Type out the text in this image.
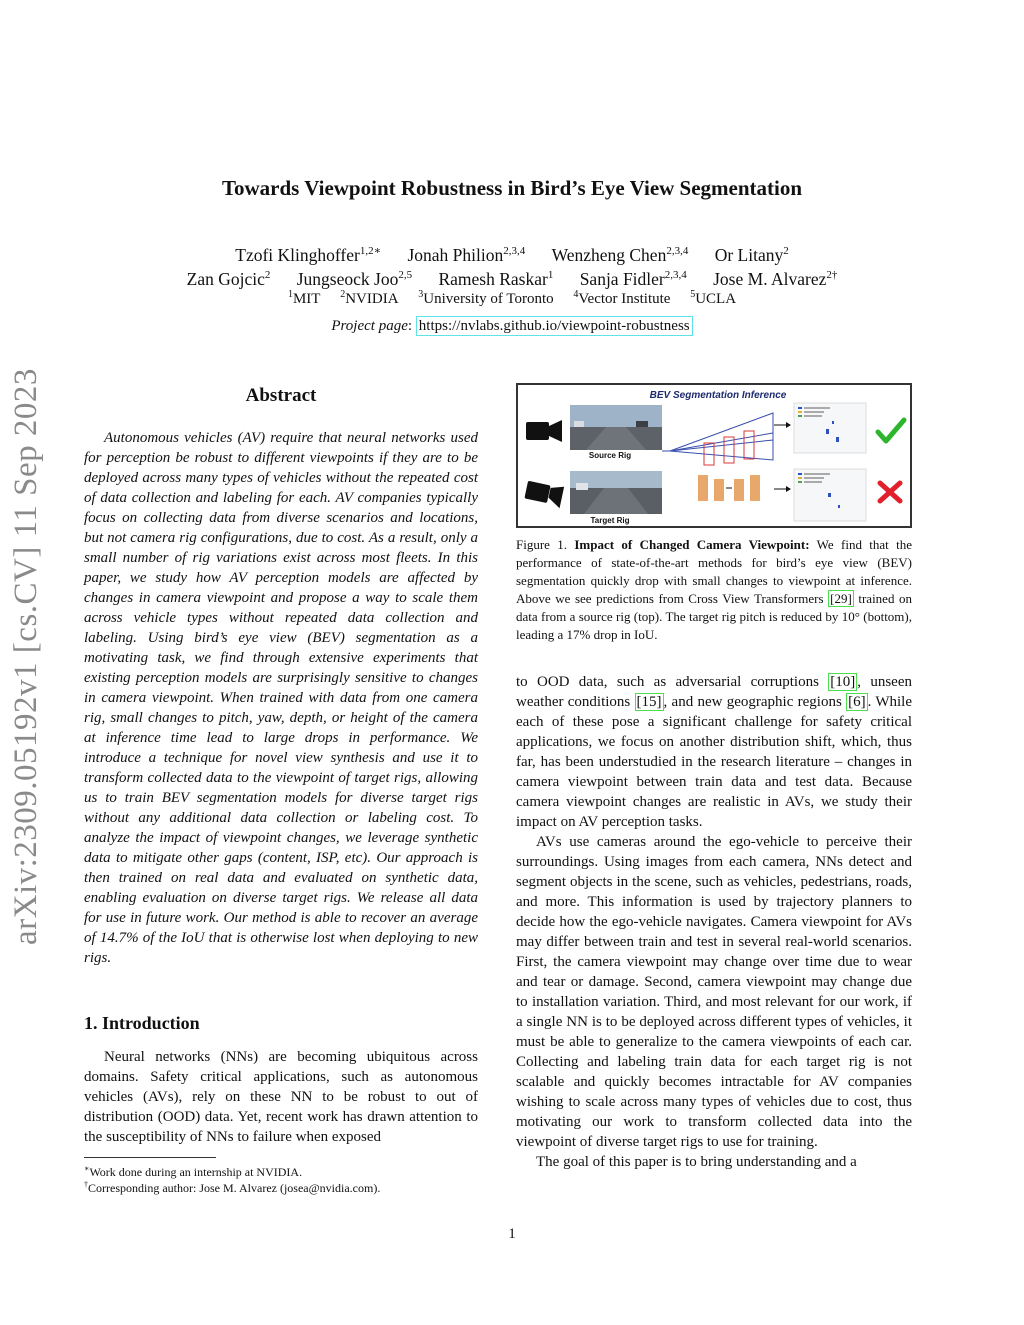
Towards Viewpoint Robustness in Bird’s Eye View Segmentation
Tzofi Klinghoffer$^{1,2∗}$ Jonah Philion$^{2,3,4}$ Wenzheng Chen$^{2,3,4}$ Or Litany$^2$
Zan Gojcic$^2$ Jungseock Joo$^{2,5}$ Ramesh Raskar$^1$ Sanja Fidler$^{2,3,4}$ Jose M. Alvarez$^{2\dagger}$
$^1$MIT $^2$NVIDIA $^3$University of Toronto $^4$Vector Institute $^5$UCLA
Project page: https://nvlabs.github.io/viewpoint-robustness
arXiv:2309.05192v1 [cs.CV] 11 Sep 2023	Abstract
Autonomous vehicles (AV) require that neural networks used for perception be robust to different viewpoints if they are to be deployed across many types of vehicles without the repeated cost of data collection and labeling for each. AV companies typically focus on collecting data from diverse scenarios and locations, but not camera rig configurations, due to cost. As a result, only a small number of rig variations exist across most fleets. In this paper, we study how AV perception models are affected by changes in camera viewpoint and propose a way to scale them across vehicle types without repeated data collection and labeling. Using bird’s eye view (BEV) segmentation as a motivating task, we find through extensive experiments that existing perception models are surprisingly sensitive to changes in camera viewpoint. When trained with data from one camera rig, small changes to pitch, yaw, depth, or height of the camera at inference time lead to large drops in performance. We introduce a technique for novel view synthesis and use it to transform collected data to the viewpoint of target rigs, allowing us to train BEV segmentation models for diverse target rigs without any additional data collection or labeling cost. To analyze the impact of viewpoint changes, we leverage synthetic data to mitigate other gaps (content, ISP, etc). Our approach is then trained on real data and evaluated on synthetic data, enabling evaluation on diverse target rigs. We release all data for use in future work. Our method is able to recover an average of 14.7% of the IoU that is otherwise lost when deploying to new rigs.
1. Introduction
Neural networks (NNs) are becoming ubiquitous across domains. Safety critical applications, such as autonomous vehicles (AVs), rely on these NN to be robust to out of distribution (OOD) data. Yet, recent work has drawn attention to the susceptibility of NNs to failure when exposed
∗Work done during an internship at NVIDIA.
†Corresponding author: Jose M. Alvarez (josea@nvidia.com).
BEV Segmentation Inference
Source Rig
Target Rig
Figure 1. Impact of Changed Camera Viewpoint: We find that the performance of state-of-the-art methods for bird’s eye view (BEV) segmentation quickly drop with small changes to viewpoint at inference. Above we see predictions from Cross View Transformers [29] trained on data from a source rig (top). The target rig pitch is reduced by 10° (bottom), leading a 17% drop in IoU.

to OOD data, such as adversarial corruptions [10] , unseen weather conditions [15] , and new geographic regions [6] . While each of these pose a significant challenge for safety critical applications, we focus on another distribution shift, which, thus far, has been understudied in the research literature – changes in camera viewpoint between train data and test data. Because camera viewpoint changes are realistic in AVs, we study their impact on AV perception tasks.

AVs use cameras around the ego-vehicle to perceive their surroundings. Using images from each camera, NNs detect and segment objects in the scene, such as vehicles, pedestrians, roads, and more. This information is used by trajectory planners to decide how the ego-vehicle navigates. Camera viewpoint for AVs may differ between train and test in several real-world scenarios. First, the camera viewpoint may change over time due to wear and tear or damage. Second, camera viewpoint may change due to installation variation. Third, and most relevant for our work, if a single NN is to be deployed across different types of vehicles, it must be able to generalize to the camera viewpoints of each car. Collecting and labeling train data for each target rig is not scalable and quickly becomes intractable for AV companies wishing to scale across many types of vehicles due to cost, thus motivating our work to transform collected data into the viewpoint of diverse target rigs to use for training.

The goal of this paper is to bring understanding and a

1
